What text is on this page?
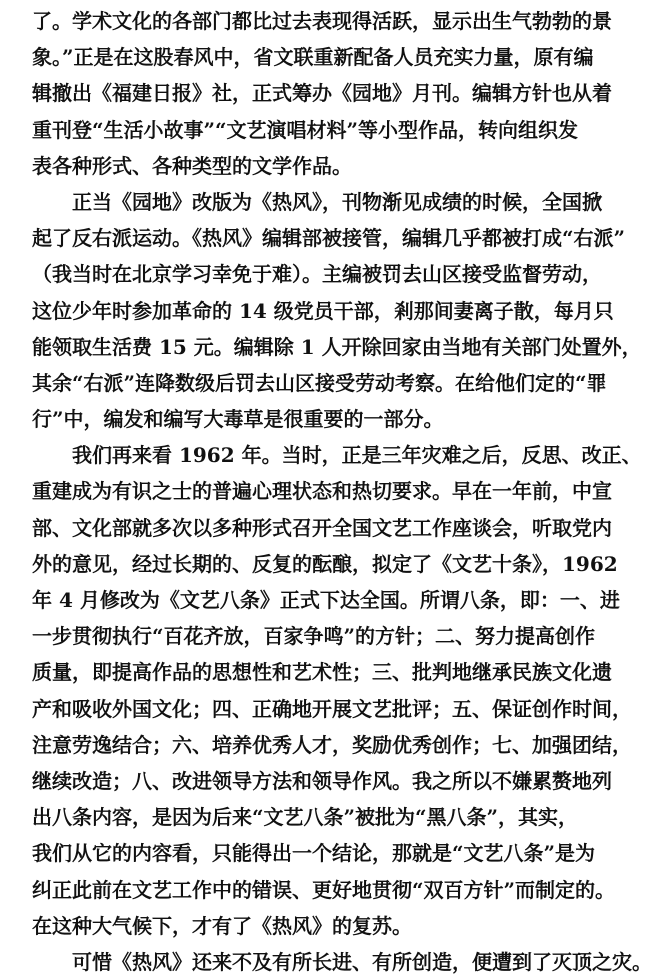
了。学术文化的各部门都比过去表现得活跃，显示出生气勃勃的景
象。”正是在这股春风中，省文联重新配备人员充实力量，原有编
辑撤出《福建日报》社，正式筹办《园地》月刊。编辑方针也从着
重刊登“生活小故事”“文艺演唱材料”等小型作品，转向组织发
表各种形式、各种类型的文学作品。
正当《园地》改版为《热风》，刊物渐见成绩的时候，全国掀
起了反右派运动。《热风》编辑部被接管，编辑几乎都被打成“右派”
（我当时在北京学习幸免于难）。主编被罚去山区接受监督劳动，
这位少年时参加革命的 14 级党员干部，剎那间妻离子散，每月只
能领取生活费 15 元。编辑除 1 人开除回家由当地有关部门处置外，
其余“右派”连降数级后罚去山区接受劳动考察。在给他们定的“罪
行”中，编发和编写大毒草是很重要的一部分。
我们再来看 1962 年。当时，正是三年灾难之后，反思、改正、
重建成为有识之士的普遍心理状态和热切要求。早在一年前，中宣
部、文化部就多次以多种形式召开全国文艺工作座谈会，听取党内
外的意见，经过长期的、反复的酝酿，拟定了《文艺十条》，1962
年 4 月修改为《文艺八条》正式下达全国。所谓八条，即：一、进
一步贯彻执行“百花齐放，百家争鸣”的方针；二、努力提高创作
质量，即提高作品的思想性和艺术性；三、批判地继承民族文化遗
产和吸收外国文化；四、正确地开展文艺批评；五、保证创作时间，
注意劳逸结合；六、培养优秀人才，奖励优秀创作；七、加强团结，
继续改造；八、改进领导方法和领导作风。我之所以不嫌累赘地列
出八条内容，是因为后来“文艺八条”被批为“黑八条”，其实，
我们从它的内容看，只能得出一个结论，那就是“文艺八条”是为
纠正此前在文艺工作中的错误、更好地贯彻“双百方针”而制定的。
在这种大气候下，才有了《热风》的复苏。
可惜《热风》还来不及有所长进、有所创造，便遭到了灭顶之灾。
